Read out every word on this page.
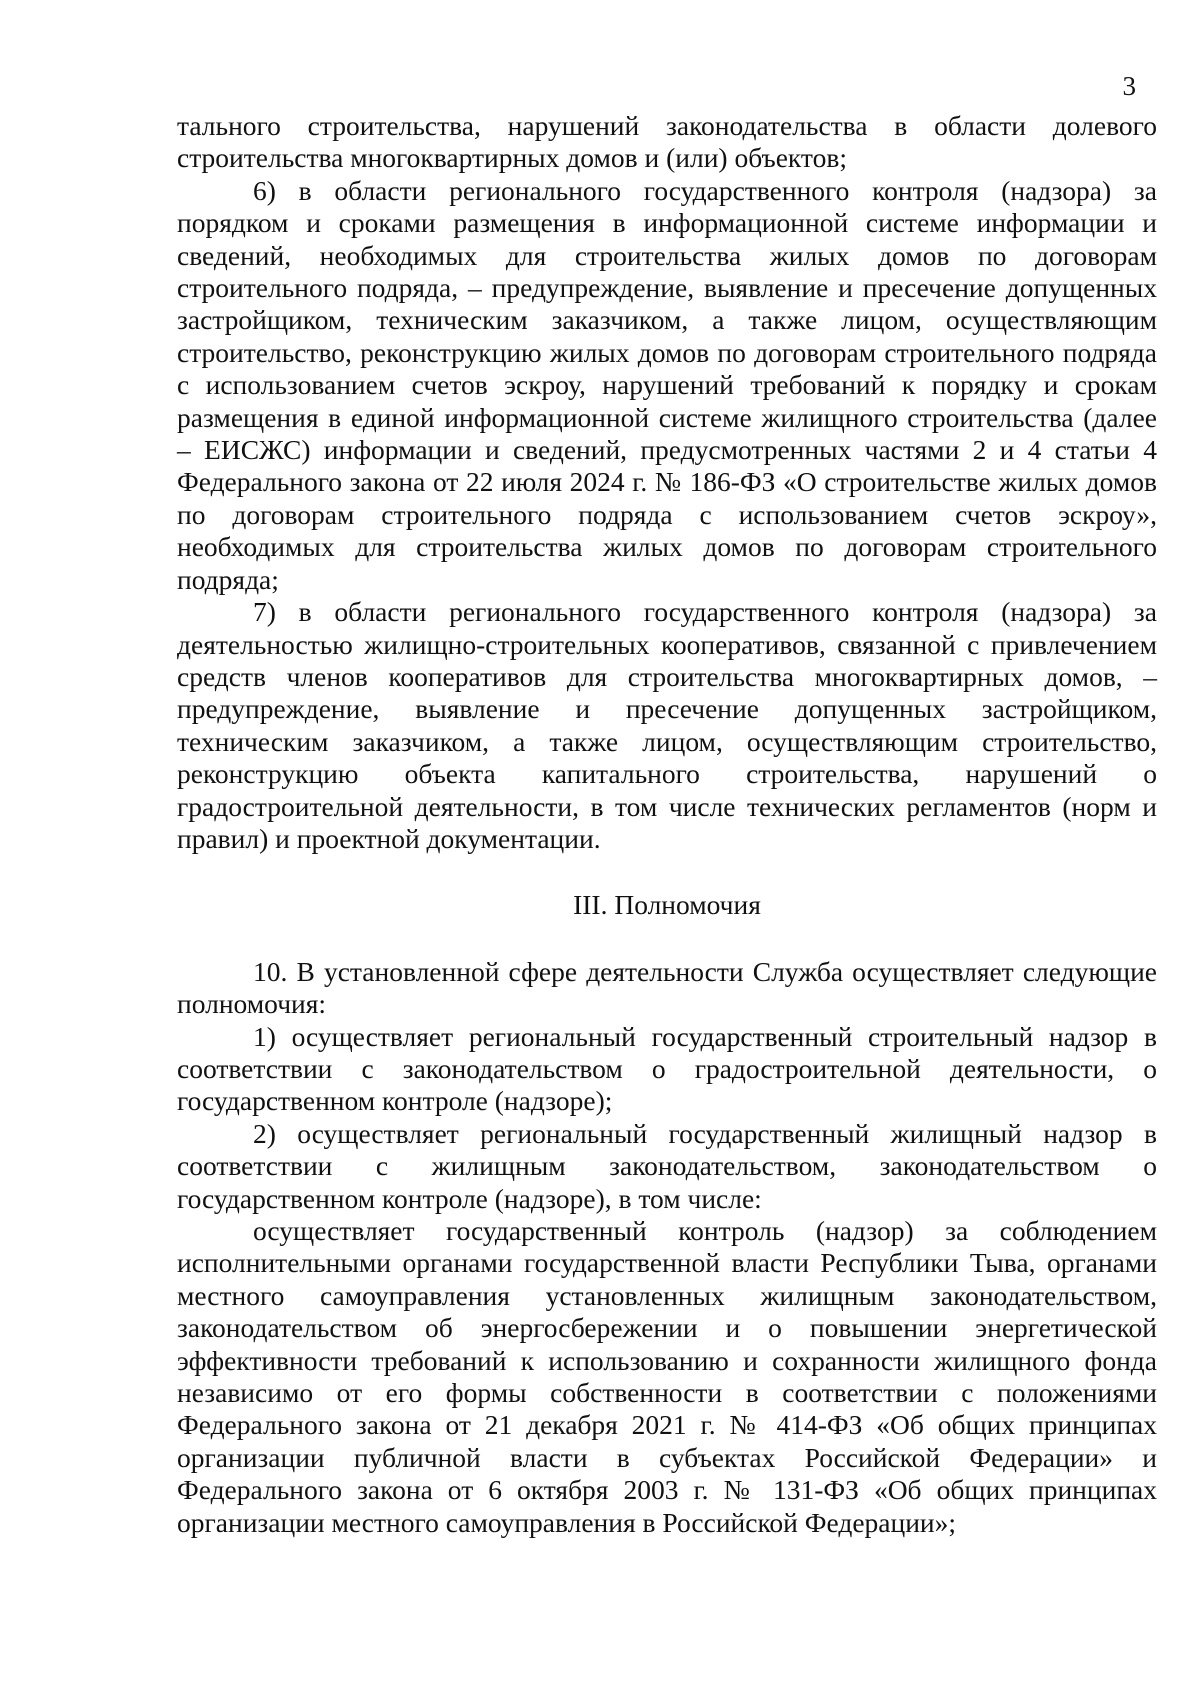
3

тального строительства, нарушений законодательства в области долевого строительства многоквартирных домов и (или) объектов;

6) в области регионального государственного контроля (надзора) за порядком и сроками размещения в информационной системе информации и сведений, необходимых для строительства жилых домов по договорам строительного подряда, – предупреждение, выявление и пресечение допущенных застройщиком, техническим заказчиком, а также лицом, осуществляющим строительство, реконструкцию жилых домов по договорам строительного подряда с использованием счетов эскроу, нарушений требований к порядку и срокам размещения в единой информационной системе жилищного строительства (далее – ЕИСЖС) информации и сведений, предусмотренных частями 2 и 4 статьи 4 Федерального закона от 22 июля 2024 г. № 186-ФЗ «О строительстве жилых домов по договорам строительного подряда с использованием счетов эскроу», необходимых для строительства жилых домов по договорам строительного подряда;

7) в области регионального государственного контроля (надзора) за деятельностью жилищно-строительных кооперативов, связанной с привлечением средств членов кооперативов для строительства многоквартирных домов, – предупреждение, выявление и пресечение допущенных застройщиком, техническим заказчиком, а также лицом, осуществляющим строительство, реконструкцию объекта капитального строительства, нарушений о градостроительной деятельности, в том числе технических регламентов (норм и правил) и проектной документации.

III. Полномочия

10. В установленной сфере деятельности Служба осуществляет следующие полномочия:

1) осуществляет региональный государственный строительный надзор в соответствии с законодательством о градостроительной деятельности, о государственном контроле (надзоре);

2) осуществляет региональный государственный жилищный надзор в соответствии с жилищным законодательством, законодательством о государственном контроле (надзоре), в том числе:

осуществляет государственный контроль (надзор) за соблюдением исполнительными органами государственной власти Республики Тыва, органами местного самоуправления установленных жилищным законодательством, законодательством об энергосбережении и о повышении энергетической эффективности требований к использованию и сохранности жилищного фонда независимо от его формы собственности в соответствии с положениями Федерального закона от 21 декабря 2021 г. № 414-ФЗ «Об общих принципах организации публичной власти в субъектах Российской Федерации» и Федерального закона от 6 октября 2003 г. № 131-ФЗ «Об общих принципах организации местного самоуправления в Российской Федерации»;
